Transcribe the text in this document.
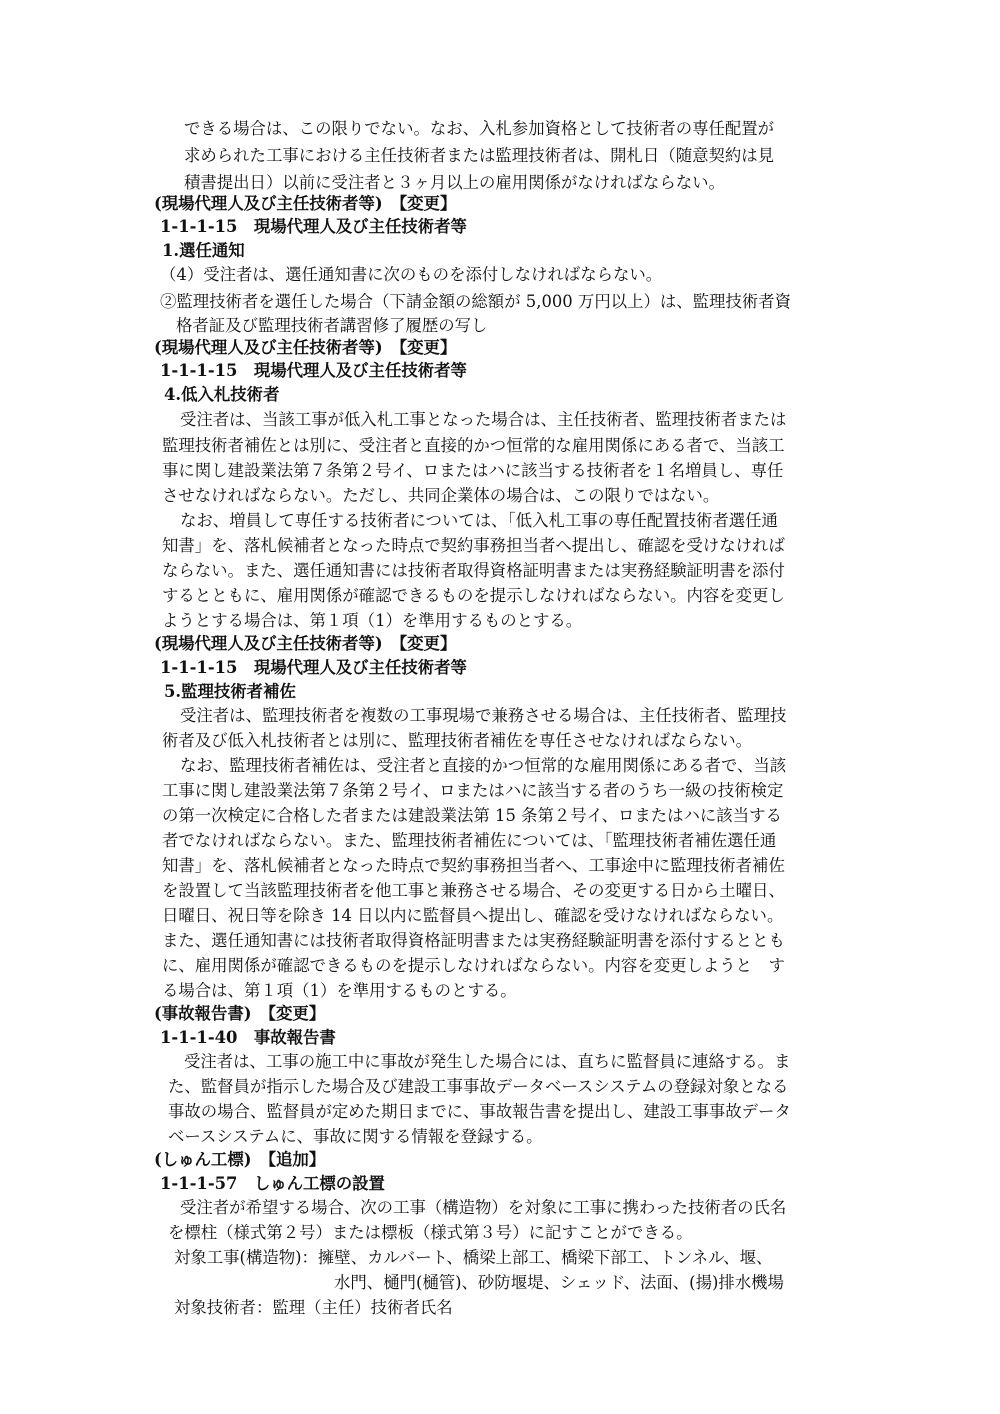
できる場合は、この限りでない。なお、入札参加資格として技術者の専任配置が
求められた工事における主任技術者または監理技術者は、開札日（随意契約は見
積書提出日）以前に受注者と３ヶ月以上の雇用関係がなければならない。
(現場代理人及び主任技術者等)　【変更】
1-1-1-15　現場代理人及び主任技術者等
1.選任通知
（4）受注者は、選任通知書に次のものを添付しなければならない。
②監理技術者を選任した場合（下請金額の総額が 5,000 万円以上）は、監理技術者資
格者証及び監理技術者講習修了履歴の写し
(現場代理人及び主任技術者等)　【変更】
1-1-1-15　現場代理人及び主任技術者等
4.低入札技術者
受注者は、当該工事が低入札工事となった場合は、主任技術者、監理技術者または
監理技術者補佐とは別に、受注者と直接的かつ恒常的な雇用関係にある者で、当該工
事に関し建設業法第７条第２号イ、ロまたはハに該当する技術者を１名増員し、専任
させなければならない。ただし、共同企業体の場合は、この限りではない。
なお、増員して専任する技術者については、「低入札工事の専任配置技術者選任通
知書」を、落札候補者となった時点で契約事務担当者へ提出し、確認を受けなければ
ならない。また、選任通知書には技術者取得資格証明書または実務経験証明書を添付
するとともに、雇用関係が確認できるものを提示しなければならない。内容を変更し
ようとする場合は、第１項（1）を準用するものとする。
(現場代理人及び主任技術者等)　【変更】
1-1-1-15　現場代理人及び主任技術者等
5.監理技術者補佐
受注者は、監理技術者を複数の工事現場で兼務させる場合は、主任技術者、監理技
術者及び低入札技術者とは別に、監理技術者補佐を専任させなければならない。
なお、監理技術者補佐は、受注者と直接的かつ恒常的な雇用関係にある者で、当該
工事に関し建設業法第７条第２号イ、ロまたはハに該当する者のうち一級の技術検定
の第一次検定に合格した者または建設業法第 15 条第２号イ、ロまたはハに該当する
者でなければならない。また、監理技術者補佐については、「監理技術者補佐選任通
知書」を、落札候補者となった時点で契約事務担当者へ、工事途中に監理技術者補佐
を設置して当該監理技術者を他工事と兼務させる場合、その変更する日から土曜日、
日曜日、祝日等を除き 14 日以内に監督員へ提出し、確認を受けなければならない。
また、選任通知書には技術者取得資格証明書または実務経験証明書を添付するととも
に、雇用関係が確認できるものを提示しなければならない。内容を変更しようと　す
る場合は、第１項（1）を準用するものとする。
(事故報告書)　【変更】
1-1-1-40　事故報告書
受注者は、工事の施工中に事故が発生した場合には、直ちに監督員に連絡する。ま
た、監督員が指示した場合及び建設工事事故データベースシステムの登録対象となる
事故の場合、監督員が定めた期日までに、事故報告書を提出し、建設工事事故データ
ベースシステムに、事故に関する情報を登録する。
(しゅん工標)　【追加】
1-1-1-57　しゅん工標の設置
受注者が希望する場合、次の工事（構造物）を対象に工事に携わった技術者の氏名
を標柱（様式第２号）または標板（様式第３号）に記すことができる。
対象工事(構造物)：擁壁、カルバート、橋梁上部工、橋梁下部工、トンネル、堰、
水門、樋門(樋管)、砂防堰堤、シェッド、法面、(揚)排水機場
対象技術者：監理（主任）技術者氏名
